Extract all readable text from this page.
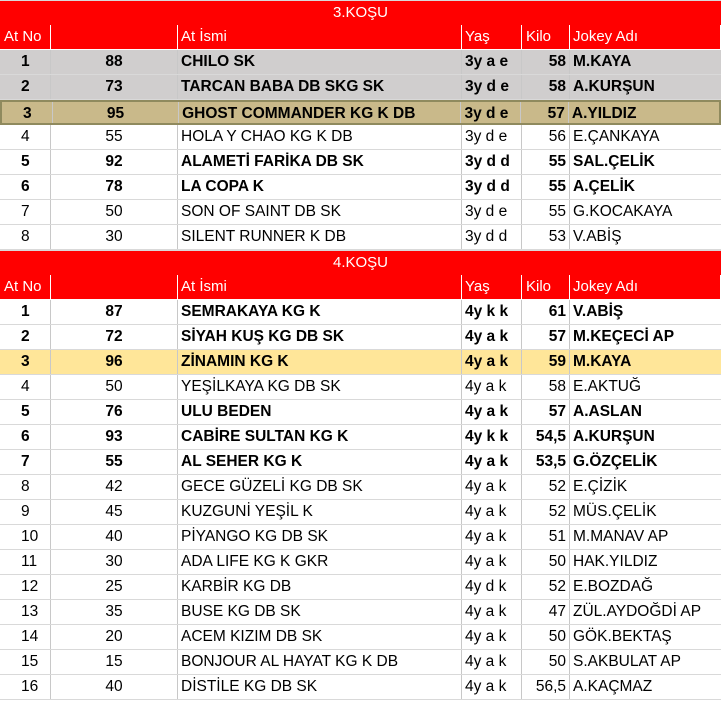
3.KOŞU
At No	At İsmi	Yaş	Kilo	Jokey Adı
1	88	CHILO SK	3y a e	58 M.KAYA
2	73	TARCAN BABA DB SKG SK	3y d e	58 A.KURŞUN
3	95	GHOST COMMANDER KG K DB	3y d e	57 A.YILDIZ
4	55	HOLA Y CHAO KG K DB	3y d e	56 E.ÇANKAYA
5	92	ALAMETİ FARİKA DB SK	3y d d	55 SAL.ÇELİK
6	78	LA COPA K	3y d d	55 A.ÇELİK
7	50	SON OF SAINT DB SK	3y d e	55 G.KOCAKAYA
8	30	SILENT RUNNER K DB	3y d d	53 V.ABİŞ
4.KOŞU
At No	At İsmi	Yaş	Kilo	Jokey Adı
1	87	SEMRAKAYA KG K	4y k k	61 V.ABİŞ
2	72	SİYAH KUŞ KG DB SK	4y a k	57 M.KEÇECİ AP
3	96	ZİNAMIN KG K	4y a k	59 M.KAYA
4	50	YEŞİLKAYA KG DB SK	4y a k	58 E.AKTUĞ
5	76	ULU BEDEN	4y a k	57 A.ASLAN
6	93	CABİRE SULTAN KG K	4y k k	54,5 A.KURŞUN
7	55	AL SEHER KG K	4y a k	53,5 G.ÖZÇELİK
8	42	GECE GÜZELİ KG DB SK	4y a k	52 E.ÇİZİK
9	45	KUZGUNİ YEŞİL K	4y a k	52 MÜS.ÇELİK
10	40	PİYANGO KG DB SK	4y a k	51 M.MANAV AP
11	30	ADA LIFE KG K GKR	4y a k	50 HAK.YILDIZ
12	25	KARBİR KG DB	4y d k	52 E.BOZDAĞ
13	35	BUSE KG DB SK	4y a k	47 ZÜL.AYDOĞDİ AP
14	20	ACEM KIZIM DB SK	4y a k	50 GÖK.BEKTAŞ
15	15	BONJOUR AL HAYAT KG K DB	4y a k	50 S.AKBULAT AP
16	40	DİSTİLE KG DB SK	4y a k	56,5 A.KAÇMAZ
